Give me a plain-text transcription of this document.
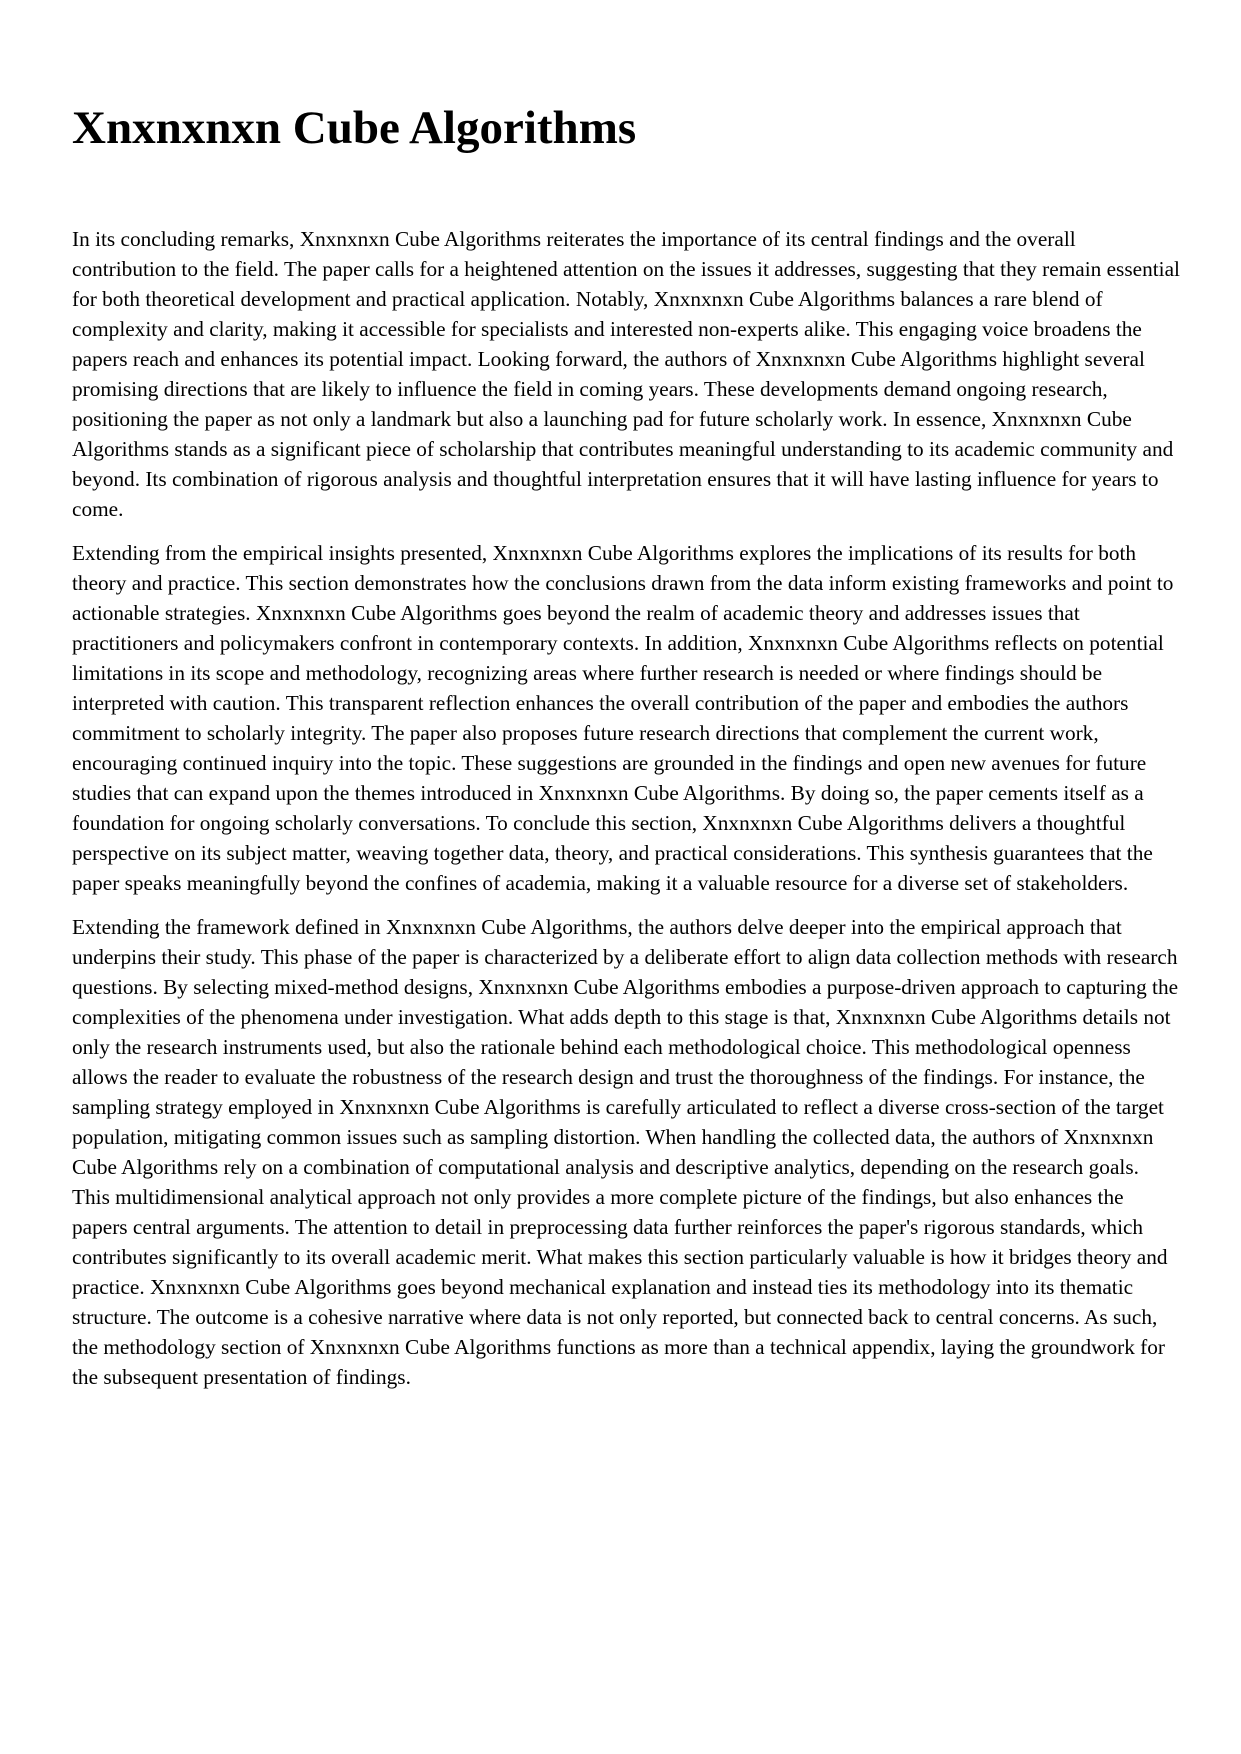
Xnxnxnxn Cube Algorithms

In its concluding remarks, Xnxnxnxn Cube Algorithms reiterates the importance of its central findings and the overall contribution to the field. The paper calls for a heightened attention on the issues it addresses, suggesting that they remain essential for both theoretical development and practical application. Notably, Xnxnxnxn Cube Algorithms balances a rare blend of complexity and clarity, making it accessible for specialists and interested non-experts alike. This engaging voice broadens the papers reach and enhances its potential impact. Looking forward, the authors of Xnxnxnxn Cube Algorithms highlight several promising directions that are likely to influence the field in coming years. These developments demand ongoing research, positioning the paper as not only a landmark but also a launching pad for future scholarly work. In essence, Xnxnxnxn Cube Algorithms stands as a significant piece of scholarship that contributes meaningful understanding to its academic community and beyond. Its combination of rigorous analysis and thoughtful interpretation ensures that it will have lasting influence for years to come.

Extending from the empirical insights presented, Xnxnxnxn Cube Algorithms explores the implications of its results for both theory and practice. This section demonstrates how the conclusions drawn from the data inform existing frameworks and point to actionable strategies. Xnxnxnxn Cube Algorithms goes beyond the realm of academic theory and addresses issues that practitioners and policymakers confront in contemporary contexts. In addition, Xnxnxnxn Cube Algorithms reflects on potential limitations in its scope and methodology, recognizing areas where further research is needed or where findings should be interpreted with caution. This transparent reflection enhances the overall contribution of the paper and embodies the authors commitment to scholarly integrity. The paper also proposes future research directions that complement the current work, encouraging continued inquiry into the topic. These suggestions are grounded in the findings and open new avenues for future studies that can expand upon the themes introduced in Xnxnxnxn Cube Algorithms. By doing so, the paper cements itself as a foundation for ongoing scholarly conversations. To conclude this section, Xnxnxnxn Cube Algorithms delivers a thoughtful perspective on its subject matter, weaving together data, theory, and practical considerations. This synthesis guarantees that the paper speaks meaningfully beyond the confines of academia, making it a valuable resource for a diverse set of stakeholders.

Extending the framework defined in Xnxnxnxn Cube Algorithms, the authors delve deeper into the empirical approach that underpins their study. This phase of the paper is characterized by a deliberate effort to align data collection methods with research questions. By selecting mixed-method designs, Xnxnxnxn Cube Algorithms embodies a purpose-driven approach to capturing the complexities of the phenomena under investigation. What adds depth to this stage is that, Xnxnxnxn Cube Algorithms details not only the research instruments used, but also the rationale behind each methodological choice. This methodological openness allows the reader to evaluate the robustness of the research design and trust the thoroughness of the findings. For instance, the sampling strategy employed in Xnxnxnxn Cube Algorithms is carefully articulated to reflect a diverse cross-section of the target population, mitigating common issues such as sampling distortion. When handling the collected data, the authors of Xnxnxnxn Cube Algorithms rely on a combination of computational analysis and descriptive analytics, depending on the research goals. This multidimensional analytical approach not only provides a more complete picture of the findings, but also enhances the papers central arguments. The attention to detail in preprocessing data further reinforces the paper's rigorous standards, which contributes significantly to its overall academic merit. What makes this section particularly valuable is how it bridges theory and practice. Xnxnxnxn Cube Algorithms goes beyond mechanical explanation and instead ties its methodology into its thematic structure. The outcome is a cohesive narrative where data is not only reported, but connected back to central concerns. As such, the methodology section of Xnxnxnxn Cube Algorithms functions as more than a technical appendix, laying the groundwork for the subsequent presentation of findings.
